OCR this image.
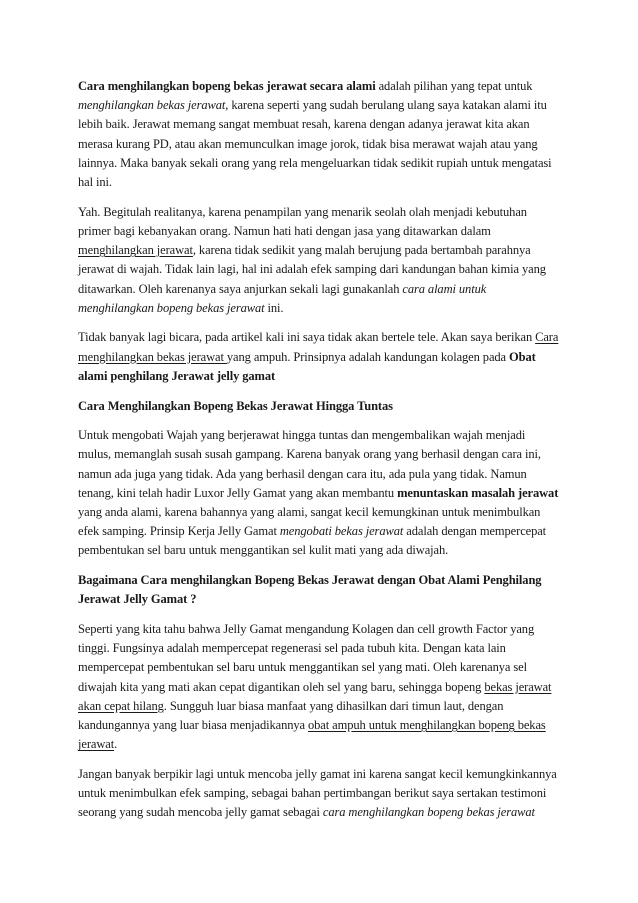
Cara menghilangkan bopeng bekas jerawat secara alami adalah pilihan yang tepat untuk menghilangkan bekas jerawat, karena seperti yang sudah berulang ulang saya katakan alami itu lebih baik. Jerawat memang sangat membuat resah, karena dengan adanya jerawat kita akan merasa kurang PD, atau akan memunculkan image jorok, tidak bisa merawat wajah atau yang lainnya. Maka banyak sekali orang yang rela mengeluarkan tidak sedikit rupiah untuk mengatasi hal ini.

Yah. Begitulah realitanya, karena penampilan yang menarik seolah olah menjadi kebutuhan primer bagi kebanyakan orang. Namun hati hati dengan jasa yang ditawarkan dalam menghilangkan jerawat, karena tidak sedikit yang malah berujung pada bertambah parahnya jerawat di wajah. Tidak lain lagi, hal ini adalah efek samping dari kandungan bahan kimia yang ditawarkan. Oleh karenanya saya anjurkan sekali lagi gunakanlah cara alami untuk menghilangkan bopeng bekas jerawat ini.

Tidak banyak lagi bicara, pada artikel kali ini saya tidak akan bertele tele. Akan saya berikan Cara menghilangkan bekas jerawat yang ampuh. Prinsipnya adalah kandungan kolagen pada Obat alami penghilang Jerawat jelly gamat

Cara Menghilangkan Bopeng Bekas Jerawat Hingga Tuntas

Untuk mengobati Wajah yang berjerawat hingga tuntas dan mengembalikan wajah menjadi mulus, memanglah susah susah gampang. Karena banyak orang yang berhasil dengan cara ini, namun ada juga yang tidak. Ada yang berhasil dengan cara itu, ada pula yang tidak. Namun tenang, kini telah hadir Luxor Jelly Gamat yang akan membantu menuntaskan masalah jerawat yang anda alami, karena bahannya yang alami, sangat kecil kemungkinan untuk menimbulkan efek samping. Prinsip Kerja Jelly Gamat mengobati bekas jerawat adalah dengan mempercepat pembentukan sel baru untuk menggantikan sel kulit mati yang ada diwajah.

Bagaimana Cara menghilangkan Bopeng Bekas Jerawat dengan Obat Alami Penghilang Jerawat Jelly Gamat ?

Seperti yang kita tahu bahwa Jelly Gamat mengandung Kolagen dan cell growth Factor yang tinggi. Fungsinya adalah mempercepat regenerasi sel pada tubuh kita. Dengan kata lain mempercepat pembentukan sel baru untuk menggantikan sel yang mati. Oleh karenanya sel diwajah kita yang mati akan cepat digantikan oleh sel yang baru, sehingga bopeng bekas jerawat akan cepat hilang. Sungguh luar biasa manfaat yang dihasilkan dari timun laut, dengan kandungannya yang luar biasa menjadikannya obat ampuh untuk menghilangkan bopeng bekas jerawat.

Jangan banyak berpikir lagi untuk mencoba jelly gamat ini karena sangat kecil kemungkinkannya untuk menimbulkan efek samping, sebagai bahan pertimbangan berikut saya sertakan testimoni seorang yang sudah mencoba jelly gamat sebagai cara menghilangkan bopeng bekas jerawat
